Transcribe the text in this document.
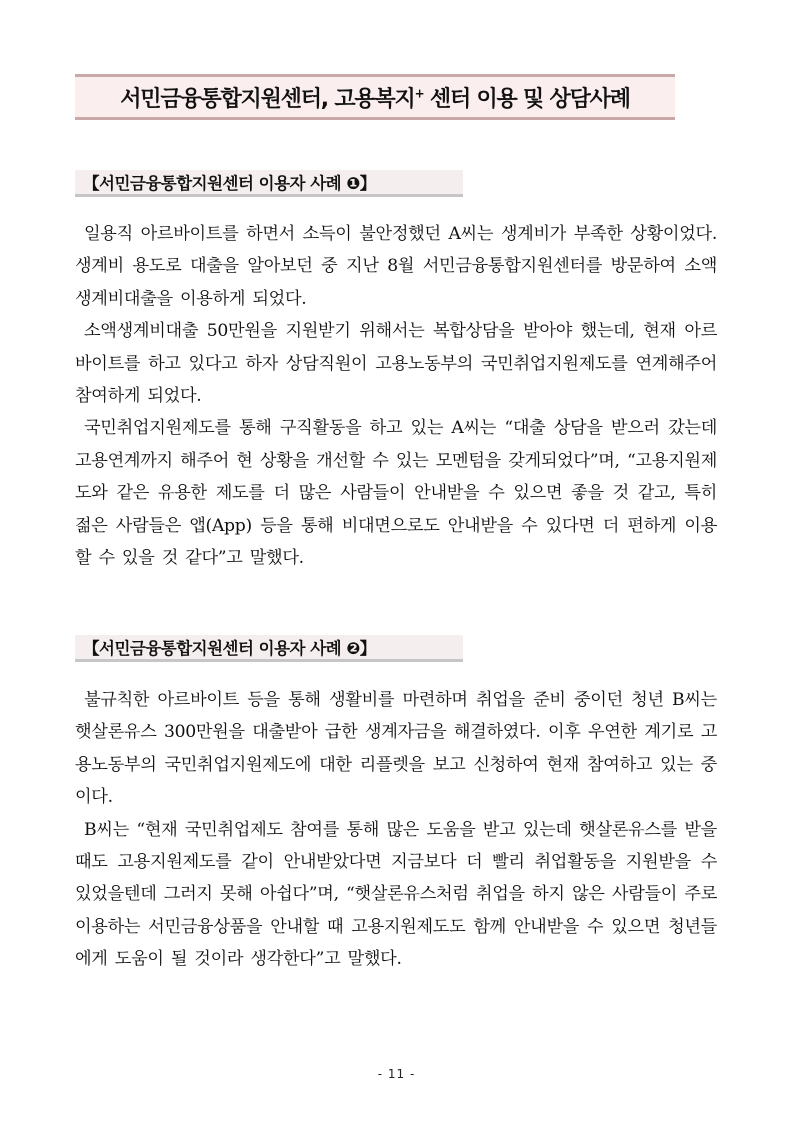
서민금융통합지원센터, 고용복지+ 센터 이용 및 상담사례
【 서민금융통합지원센터 이용자 사례 ❶ 】

일용직 아르바이트를 하면서 소득이 불안정했던 A씨는 생계비가 부족한 상황이었다. 생계비 용도로 대출을 알아보던 중 지난 8월 서민금융통합지원센터를 방문하여 소액생계비대출을 이용하게 되었다.

소액생계비대출 50만원을 지원받기 위해서는 복합상담을 받아야 했는데, 현재 아르바이트를 하고 있다고 하자 상담직원이 고용노동부의 국민취업지원제도를 연계해주어 참여하게 되었다.

국민취업지원제도를 통해 구직활동을 하고 있는 A씨는 “대출 상담을 받으러 갔는데 고용연계까지 해주어 현 상황을 개선할 수 있는 모멘텀을 갖게되었다”며, “고용지원제도와 같은 유용한 제도를 더 많은 사람들이 안내받을 수 있으면 좋을 것 같고, 특히 젊은 사람들은 앱(App) 등을 통해 비대면으로도 안내받을 수 있다면 더 편하게 이용할 수 있을 것 같다”고 말했다.

【 서민금융통합지원센터 이용자 사례 ❷ 】

불규칙한 아르바이트 등을 통해 생활비를 마련하며 취업을 준비 중이던 청년 B씨는 햇살론유스 300만원을 대출받아 급한 생계자금을 해결하였다. 이후 우연한 계기로 고용노동부의 국민취업지원제도에 대한 리플렛을 보고 신청하여 현재 참여하고 있는 중이다.

B씨는 “현재 국민취업제도 참여를 통해 많은 도움을 받고 있는데 햇살론유스를 받을 때도 고용지원제도를 같이 안내받았다면 지금보다 더 빨리 취업활동을 지원받을 수 있었을텐데 그러지 못해 아쉽다”며, “햇살론유스처럼 취업을 하지 않은 사람들이 주로 이용하는 서민금융상품을 안내할 때 고용지원제도도 함께 안내받을 수 있으면 청년들에게 도움이 될 것이라 생각한다”고 말했다.

- 11 -
